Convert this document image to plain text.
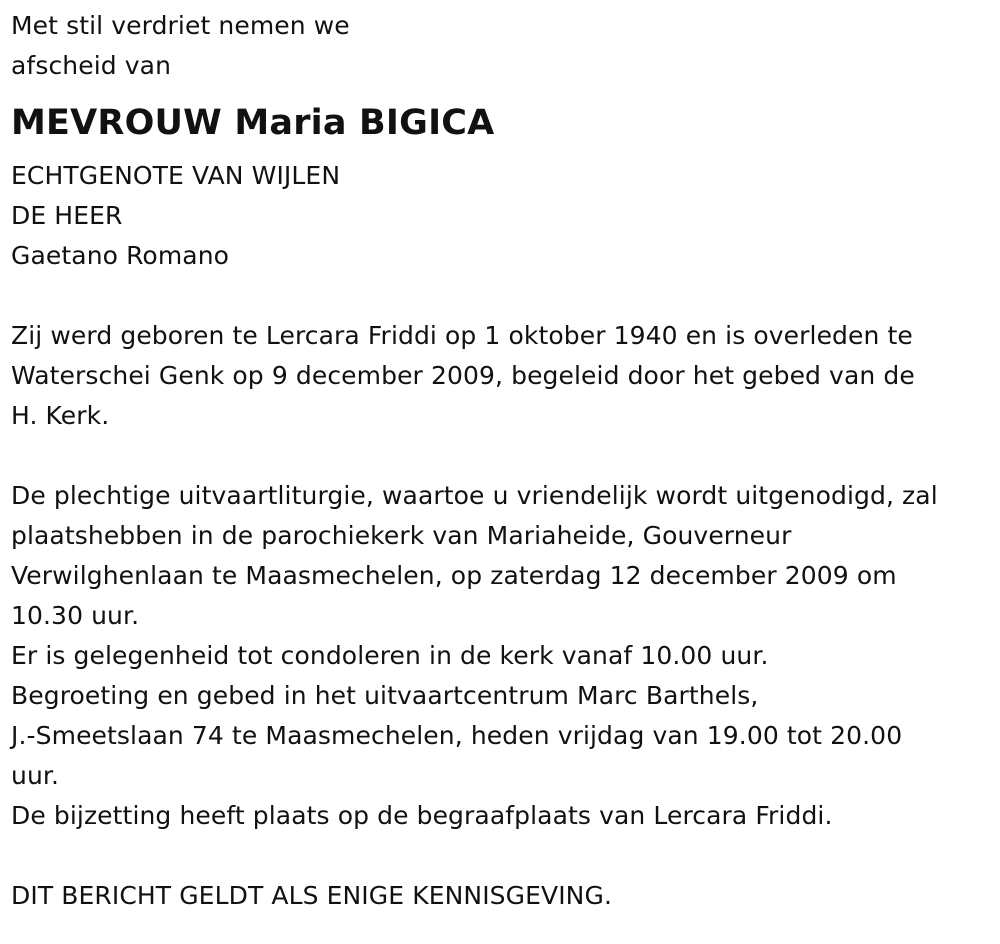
Met stil verdriet nemen we
afscheid van
MEVROUW Maria BIGICA
ECHTGENOTE VAN WIJLEN
DE HEER
Gaetano Romano
Zij werd geboren te Lercara Friddi op 1 oktober 1940 en is overleden te
Waterschei Genk op 9 december 2009, begeleid door het gebed van de
H. Kerk.
De plechtige uitvaartliturgie, waartoe u vriendelijk wordt uitgenodigd, zal
plaatshebben in de parochiekerk van Mariaheide, Gouverneur
Verwilghenlaan te Maasmechelen, op zaterdag 12 december 2009 om
10.30 uur.
Er is gelegenheid tot condoleren in de kerk vanaf 10.00 uur.
Begroeting en gebed in het uitvaartcentrum Marc Barthels,
J.-Smeetslaan 74 te Maasmechelen, heden vrijdag van 19.00 tot 20.00
uur.
De bijzetting heeft plaats op de begraafplaats van Lercara Friddi.
DIT BERICHT GELDT ALS ENIGE KENNISGEVING.
